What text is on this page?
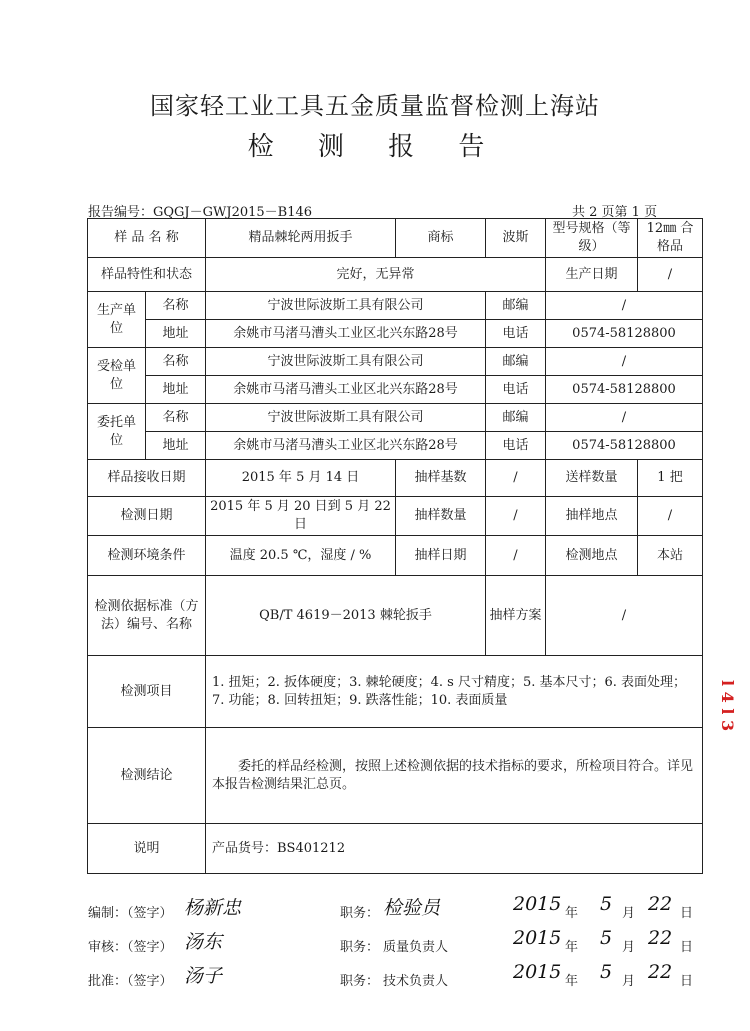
国家轻工业工具五金质量监督检测上海站
检 测 报 告
报告编号：GQGJ－GWJ2015－B146	共 2 页第 1 页
样 品 名 称		精品棘轮两用扳手	商标	波斯	型号规格（等级）	12㎜ 合格品
样品特性和状态		完好，无异常			生产日期	/
生产单位	名称	宁波世际波斯工具有限公司		邮编	/	
	地址	余姚市马渚马漕头工业区北兴东路28号		电话	0574-58128800	
受检单位	名称	宁波世际波斯工具有限公司		邮编	/	
	地址	余姚市马渚马漕头工业区北兴东路28号		电话	0574-58128800	
委托单位	名称	宁波世际波斯工具有限公司		邮编	/	
	地址	余姚市马渚马漕头工业区北兴东路28号		电话	0574-58128800	
样品接收日期		2015 年 5 月 14 日	抽样基数	/	送样数量	1 把
检测日期		2015 年 5 月 20 日到 5 月 22 日	抽样数量	/	抽样地点	/
检测环境条件		温度 20.5 ℃，湿度 / %	抽样日期	/	检测地点	本站
检测依据标准（方法）编号、名称		QB/T 4619－2013 棘轮扳手		抽样方案	/	
检测项目		1. 扭矩；2. 扳体硬度；3. 棘轮硬度；4. s 尺寸精度；5. 基本尺寸；6. 表面处理；7. 功能；8. 回转扭矩；9. 跌落性能；10. 表面质量				
检测结论		委托的样品经检测，按照上述检测依据的技术指标的要求，所检项目符合。详见本报告检测结果汇总页。				
说明		产品货号：BS401212				
编制：（签字） 杨新忠	职务： 检验员	2015 年 5 月 22 日
审核：（签字） 汤东	职务： 质量负责人	2015 年 5 月 22 日
批准：（签字） 汤子	职务： 技术负责人	2015 年 5 月 22 日
l 4 l 3
